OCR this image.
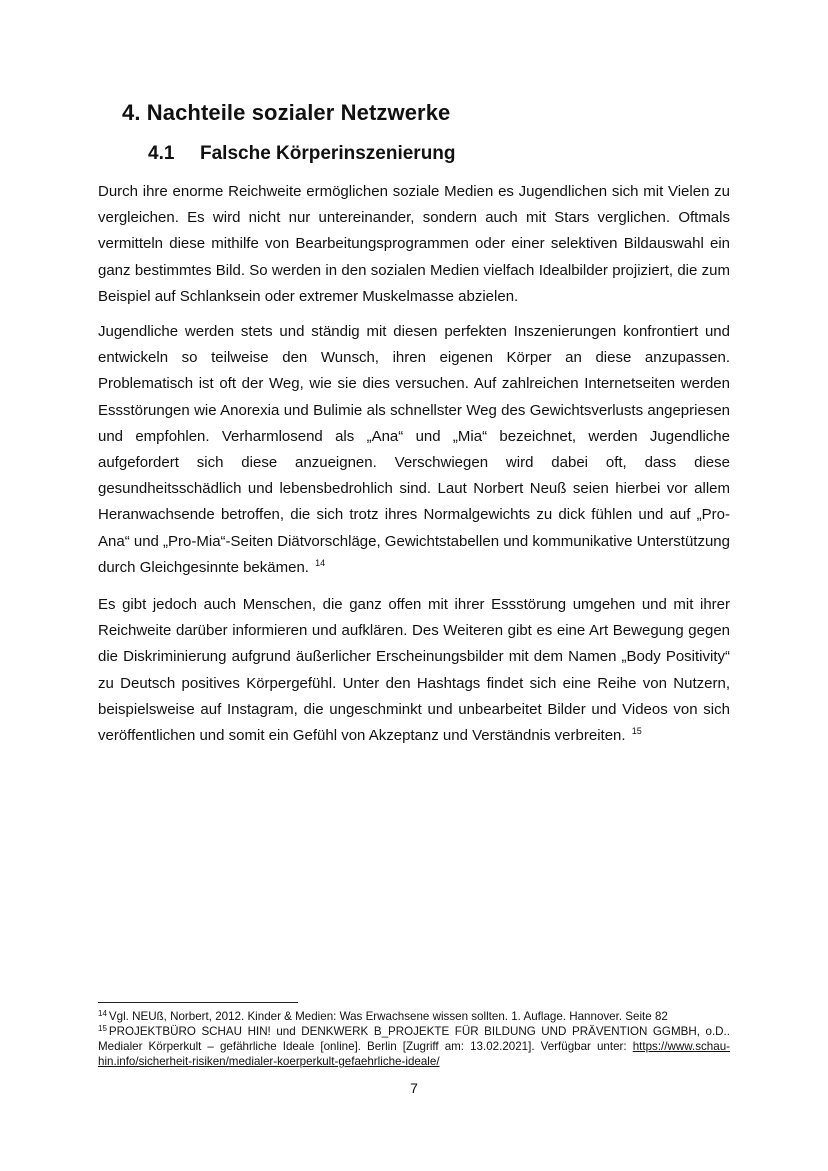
4. Nachteile sozialer Netzwerke
4.1 Falsche Körperinszenierung
Durch ihre enorme Reichweite ermöglichen soziale Medien es Jugendlichen sich mit Vielen zu vergleichen. Es wird nicht nur untereinander, sondern auch mit Stars verglichen. Oftmals vermitteln diese mithilfe von Bearbeitungsprogrammen oder einer selektiven Bildauswahl ein ganz bestimmtes Bild. So werden in den sozialen Medien vielfach Idealbilder projiziert, die zum Beispiel auf Schlanksein oder extremer Muskelmasse abzielen.
Jugendliche werden stets und ständig mit diesen perfekten Inszenierungen konfrontiert und entwickeln so teilweise den Wunsch, ihren eigenen Körper an diese anzupassen. Problematisch ist oft der Weg, wie sie dies versuchen. Auf zahlreichen Internetseiten werden Essstörungen wie Anorexia und Bulimie als schnellster Weg des Gewichtsverlusts angepriesen und empfohlen. Verharmlosend als „Ana“ und „Mia“ bezeichnet, werden Jugendliche aufgefordert sich diese anzueignen. Verschwiegen wird dabei oft, dass diese gesundheitsschädlich und lebensbedrohlich sind. Laut Norbert Neuß seien hierbei vor allem Heranwachsende betroffen, die sich trotz ihres Normalgewichts zu dick fühlen und auf „Pro-Ana“ und „Pro-Mia“-Seiten Diätvorschläge, Gewichtstabellen und kommunikative Unterstützung durch Gleichgesinnte bekämen. $^{14}$
Es gibt jedoch auch Menschen, die ganz offen mit ihrer Essstörung umgehen und mit ihrer Reichweite darüber informieren und aufklären. Des Weiteren gibt es eine Art Bewegung gegen die Diskriminierung aufgrund äußerlicher Erscheinungsbilder mit dem Namen „Body Positivity“ zu Deutsch positives Körpergefühl. Unter den Hashtags findet sich eine Reihe von Nutzern, beispielsweise auf Instagram, die ungeschminkt und unbearbeitet Bilder und Videos von sich veröffentlichen und somit ein Gefühl von Akzeptanz und Verständnis verbreiten. $^{15}$
$^{14}$ Vgl. NEUß, Norbert, 2012. Kinder & Medien: Was Erwachsene wissen sollten. 1. Auflage. Hannover. Seite 82
$^{15}$ PROJEKTBÜRO SCHAU HIN! und DENKWERK B_PROJEKTE FÜR BILDUNG UND PRÄVENTION GGMBH, o.D.. Medialer Körperkult – gefährliche Ideale [online]. Berlin [Zugriff am: 13.02.2021]. Verfügbar unter: https://www.schau-hin.info/sicherheit-risiken/medialer-koerperkult-gefaehrliche-ideale/
7
